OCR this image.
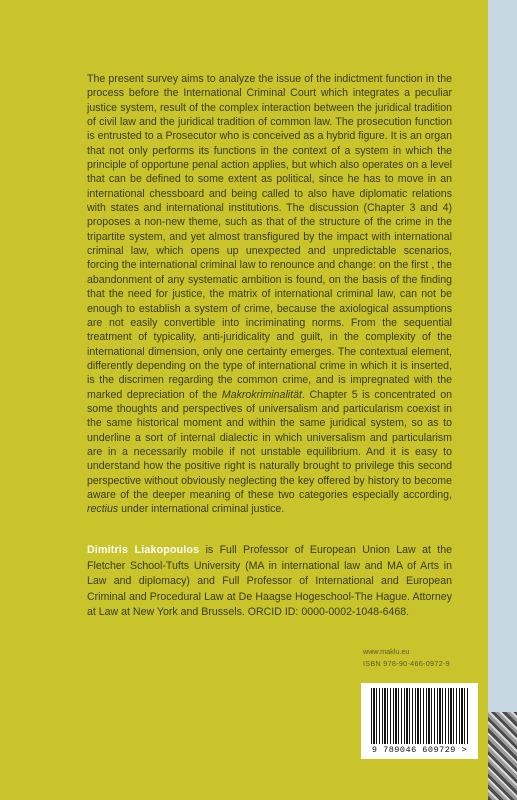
The present survey aims to analyze the issue of the indictment function in the process before the International Criminal Court which integrates a peculiar justice system, result of the complex interaction between the juridical tradition of civil law and the juridical tradition of common law. The prosecution function is entrusted to a Prosecutor who is conceived as a hybrid figure. It is an organ that not only performs its functions in the context of a system in which the principle of opportune penal action applies, but which also operates on a level that can be defined to some extent as political, since he has to move in an international chessboard and being called to also have diplomatic relations with states and international institutions. The discussion (Chapter 3 and 4) proposes a non-new theme, such as that of the structure of the crime in the tripartite system, and yet almost transfigured by the impact with international criminal law, which opens up unexpected and unpredictable scenarios, forcing the international criminal law to renounce and change: on the first , the abandonment of any systematic ambition is found, on the basis of the finding that the need for justice, the matrix of international criminal law, can not be enough to establish a system of crime, because the axiological assumptions are not easily convertible into incriminating norms. From the sequential treatment of typicality, anti-juridicality and guilt, in the complexity of the international dimension, only one certainty emerges. The contextual element, differently depending on the type of international crime in which it is inserted, is the discrimen regarding the common crime, and is impregnated with the marked depreciation of the Makrokriminalität. Chapter 5 is concentrated on some thoughts and perspectives of universalism and particularism coexist in the same historical moment and within the same juridical system, so as to underline a sort of internal dialectic in which universalism and particularism are in a necessarily mobile if not unstable equilibrium. And it is easy to understand how the positive right is naturally brought to privilege this second perspective without obviously neglecting the key offered by history to become aware of the deeper meaning of these two categories especially according, rectius under international criminal justice.

Dimitris Liakopoulos is Full Professor of European Union Law at the Fletcher School-Tufts University (MA in international law and MA of Arts in Law and diplomacy) and Full Professor of International and European Criminal and Procedural Law at De Haagse Hogeschool-The Hague. Attorney at Law at New York and Brussels. ORCID ID: 0000-0002-1048-6468.

www.maklu.eu
ISBN 978-90-466-0972-9
9 789046 609729 >
